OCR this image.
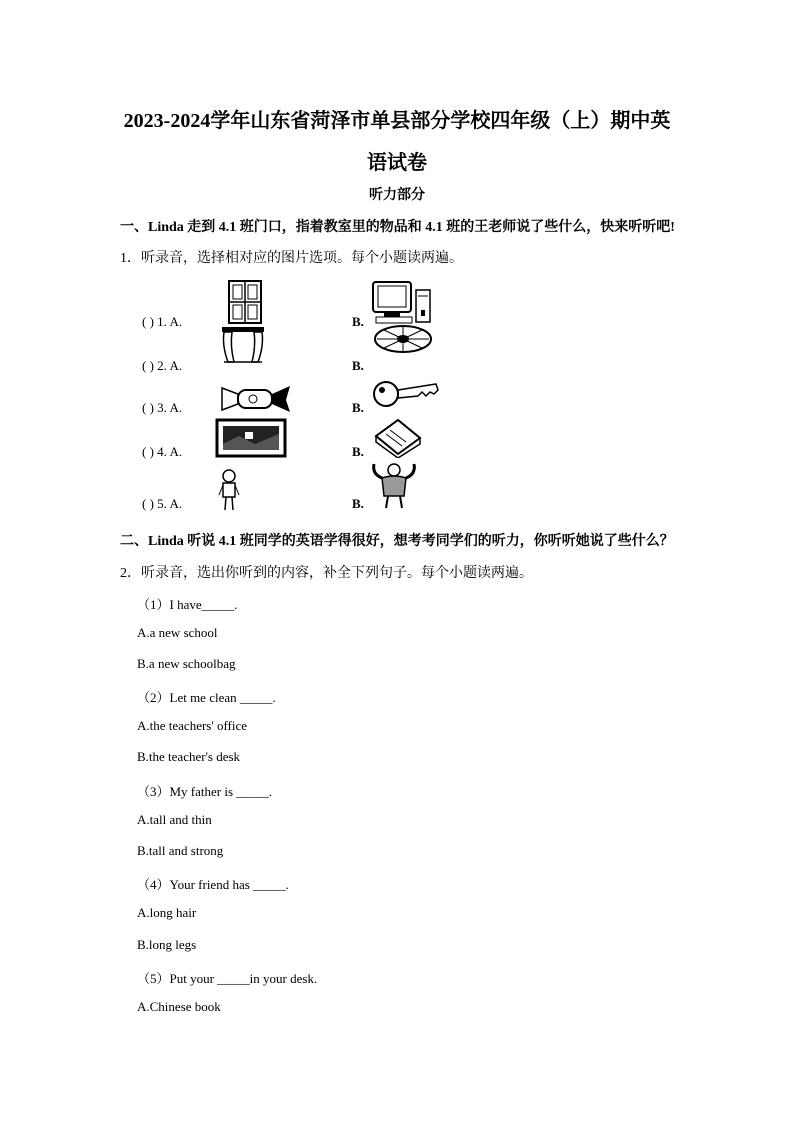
2023-2024学年山东省菏泽市单县部分学校四年级（上）期中英
语试卷
听力部分
一、Linda 走到 4.1 班门口，指着教室里的物品和 4.1 班的王老师说了些什么，快来听听吧!
1．听录音，选择相对应的图片选项。每个小题读两遍。
( ) 1. A.	B.
( ) 2. A.	B.
( ) 3. A.	B.
( ) 4. A.	B.
( ) 5. A.	B.
二、Linda 听说 4.1 班同学的英语学得很好，想考考同学们的听力，你听听她说了些什么？
2．听录音，选出你听到的内容，补全下列句子。每个小题读两遍。
（1）I have_____.
A.a new school
B.a new schoolbag
（2）Let me clean _____.
A.the teachers' office
B.the teacher's desk
（3）My father is _____.
A.tall and thin
B.tall and strong
（4）Your friend has _____.
A.long hair
B.long legs
（5）Put your _____in your desk.
A.Chinese book
